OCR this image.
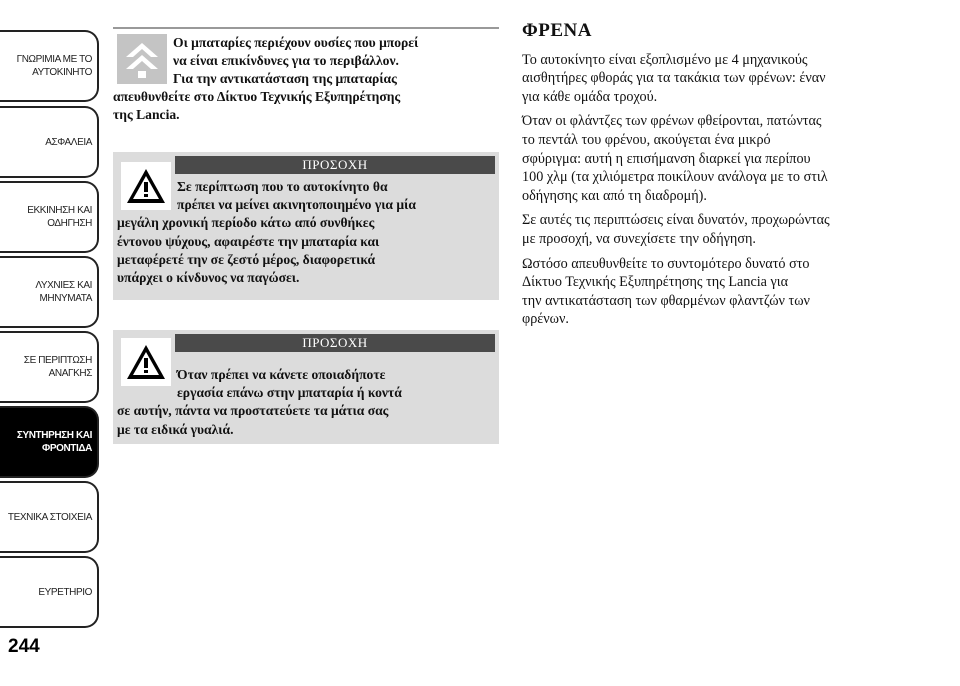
ΓΝΩΡΙΜΙΑ ΜΕ ΤΟ
ΑΥΤΟΚΙΝΗΤΟ
ΑΣΦΑΛΕΙΑ
ΕΚΚΙΝΗΣΗ ΚΑΙ
ΟΔΗΓΗΣΗ
ΛΥΧΝΙΕΣ ΚΑΙ
ΜΗΝΥΜΑΤΑ
ΣΕ ΠΕΡΙΠΤΩΣΗ
ΑΝΑΓΚΗΣ
ΣΥΝΤΗΡΗΣΗ ΚΑΙ
ΦΡΟΝΤΙΔΑ
ΤΕΧΝΙΚΑ ΣΤΟΙΧΕΙΑ
ΕΥΡΕΤΗΡΙΟ
244
Οι μπαταρίες περιέχουν ουσίες που μπορεί
να είναι επικίνδυνες για το περιβάλλον.
Για την αντικατάσταση της μπαταρίας
απευθυνθείτε στο Δίκτυο Τεχνικής Εξυπηρέτησης
της Lancia.
ΠΡΟΣΟΧΗ
Σε περίπτωση που το αυτοκίνητο θα
πρέπει να μείνει ακινητοποιημένο για μία
μεγάλη χρονική περίοδο κάτω από συνθήκες
έντονου ψύχους, αφαιρέστε την μπαταρία και
μεταφέρετέ την σε ζεστό μέρος, διαφορετικά
υπάρχει ο κίνδυνος να παγώσει.
ΠΡΟΣΟΧΗ
Όταν πρέπει να κάνετε οποιαδήποτε
εργασία επάνω στην μπαταρία ή κοντά
σε αυτήν, πάντα να προστατεύετε τα μάτια σας
με τα ειδικά γυαλιά.
ΦΡΕΝΑ

Το αυτοκίνητο είναι εξοπλισμένο με 4 μηχανικούς
αισθητήρες φθοράς για τα τακάκια των φρένων: έναν
για κάθε ομάδα τροχού.

Όταν οι φλάντζες των φρένων φθείρονται, πατώντας
το πεντάλ του φρένου, ακούγεται ένα μικρό
σφύριγμα: αυτή η επισήμανση διαρκεί για περίπου
100 χλμ (τα χιλιόμετρα ποικίλουν ανάλογα με το στιλ
οδήγησης και από τη διαδρομή).

Σε αυτές τις περιπτώσεις είναι δυνατόν, προχωρώντας
με προσοχή, να συνεχίσετε την οδήγηση.

Ωστόσο απευθυνθείτε το συντομότερο δυνατό στο
Δίκτυο Τεχνικής Εξυπηρέτησης της Lancia για
την αντικατάσταση των φθαρμένων φλαντζών των
φρένων.
